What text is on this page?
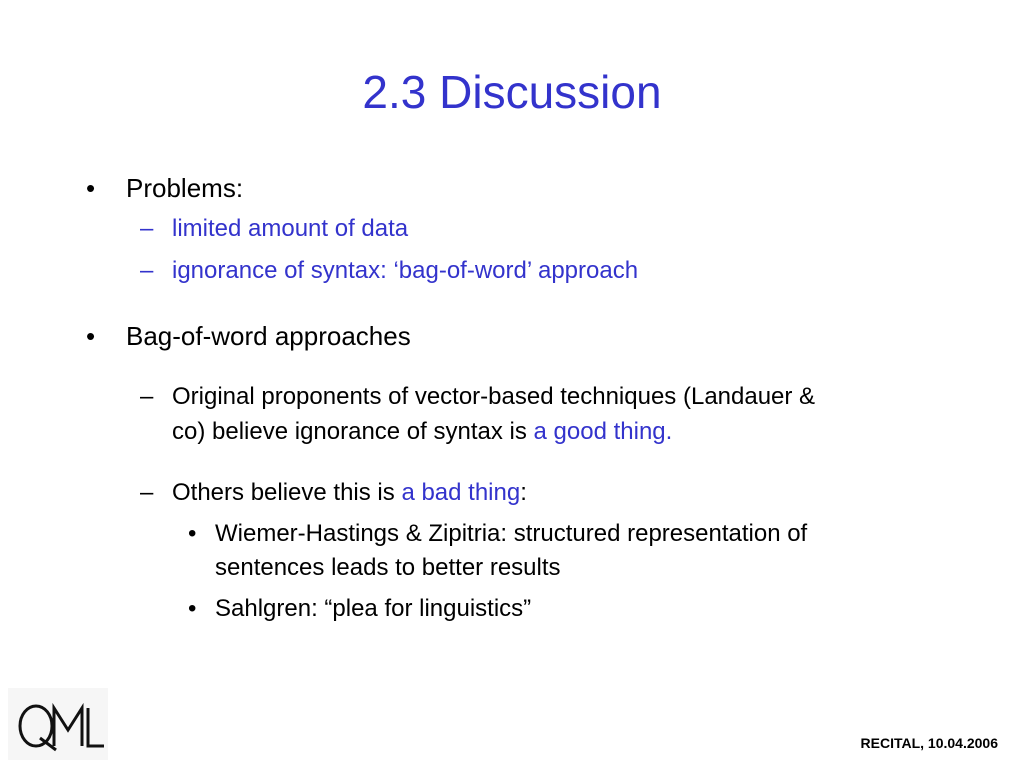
2.3 Discussion
• Problems:
– limited amount of data
– ignorance of syntax: ‘bag-of-word’ approach
• Bag-of-word approaches
– Original proponents of vector-based techniques (Landauer &
co) believe ignorance of syntax is a good thing.
– Others believe this is a bad thing:
• Wiemer-Hastings & Zipitria: structured representation of
sentences leads to better results
• Sahlgren: “plea for linguistics”
RECITAL, 10.04.2006
